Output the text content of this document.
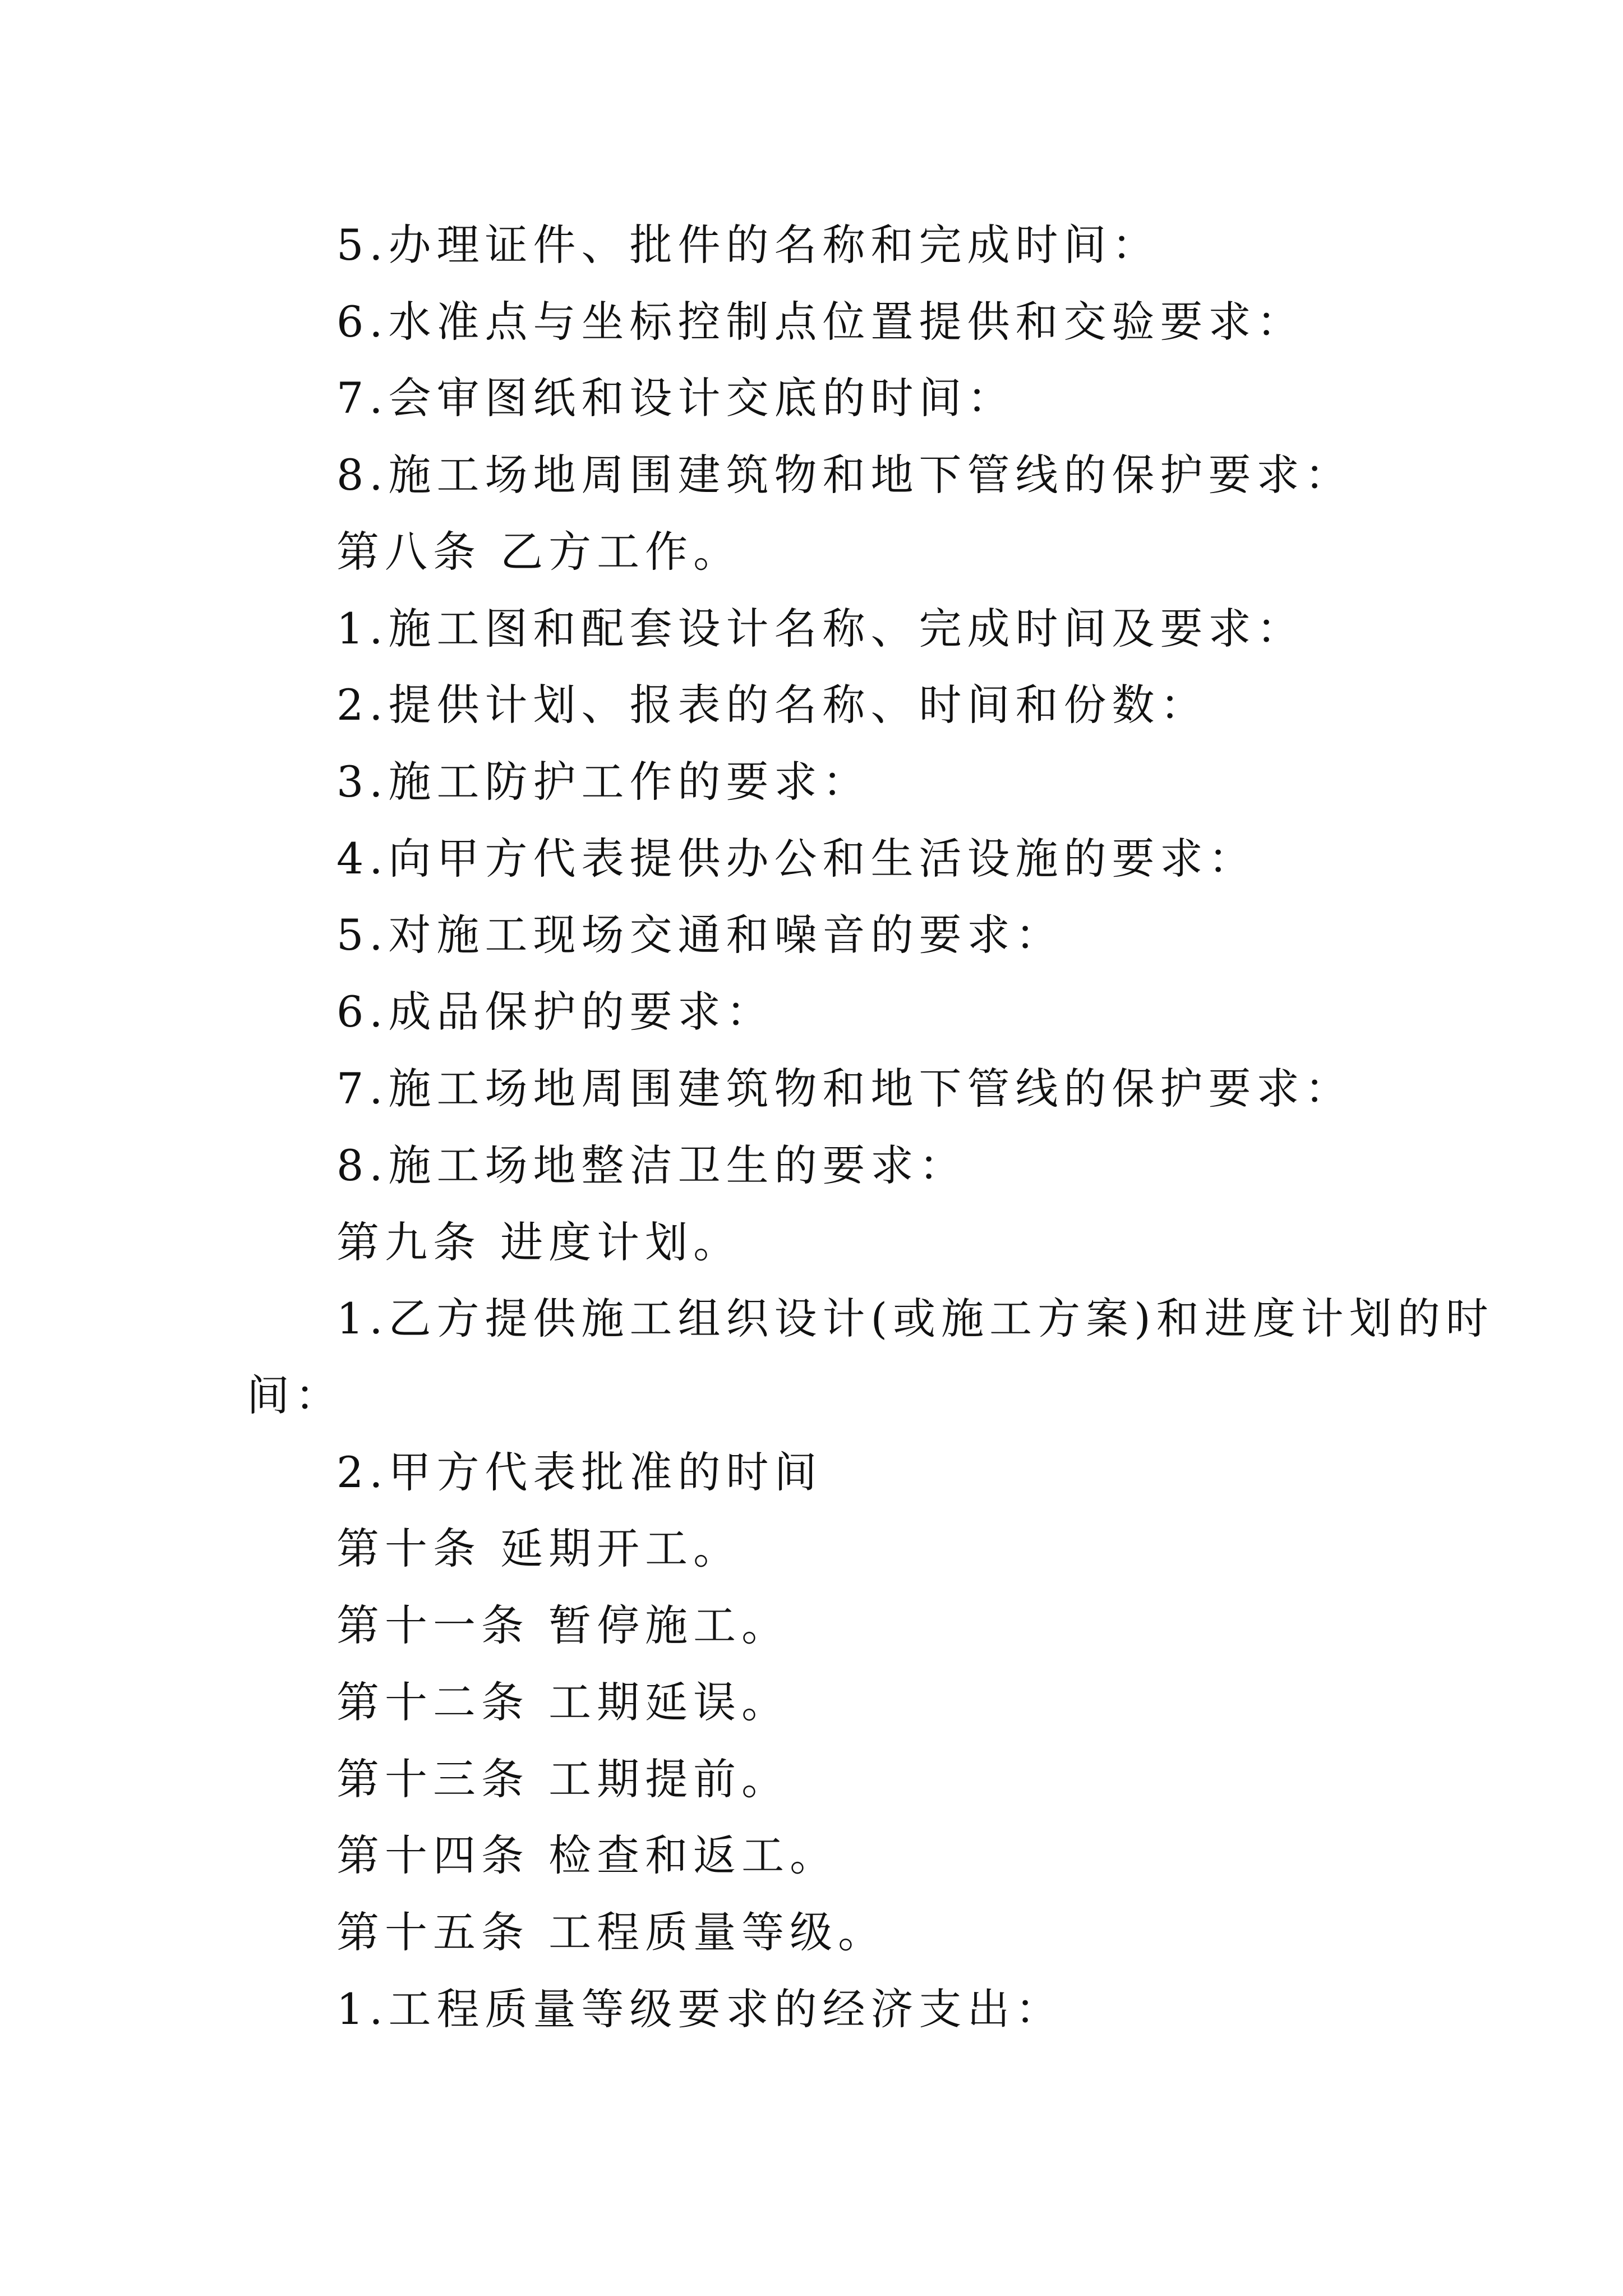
5.办理证件、批件的名称和完成时间：
6.水准点与坐标控制点位置提供和交验要求：
7.会审图纸和设计交底的时间：
8.施工场地周围建筑物和地下管线的保护要求：
第八条 乙方工作。
1.施工图和配套设计名称、完成时间及要求：
2.提供计划、报表的名称、时间和份数：
3.施工防护工作的要求：
4.向甲方代表提供办公和生活设施的要求：
5.对施工现场交通和噪音的要求：
6.成品保护的要求：
7.施工场地周围建筑物和地下管线的保护要求：
8.施工场地整洁卫生的要求：
第九条 进度计划。
1.乙方提供施工组织设计(或施工方案)和进度计划的时
间：
2.甲方代表批准的时间
第十条 延期开工。
第十一条 暂停施工。
第十二条 工期延误。
第十三条 工期提前。
第十四条 检查和返工。
第十五条 工程质量等级。
1.工程质量等级要求的经济支出：
